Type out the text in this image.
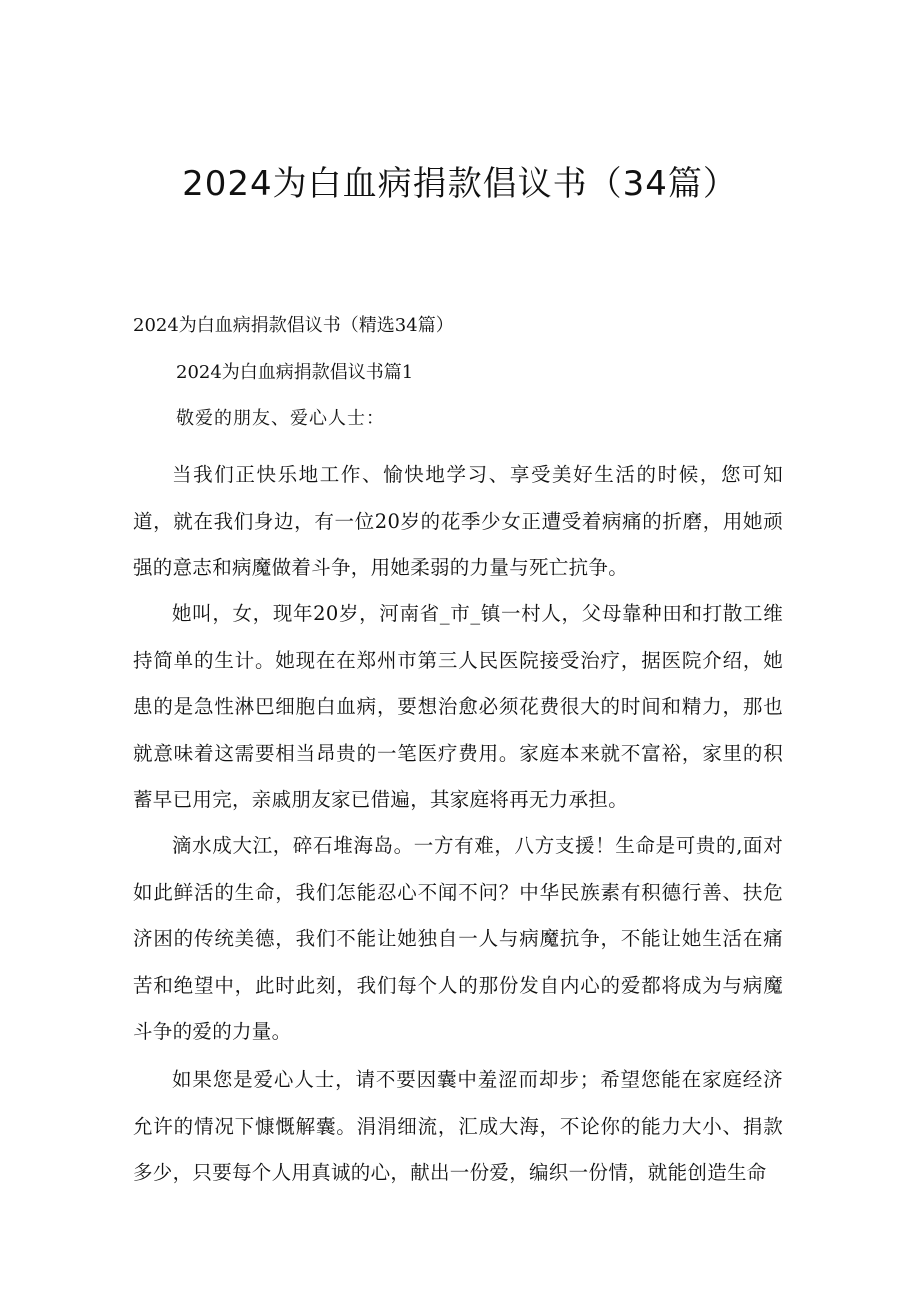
2024为白血病捐款倡议书（34篇）
2024为白血病捐款倡议书（精选34篇）
2024为白血病捐款倡议书篇1
敬爱的朋友、爱心人士：

当我们正快乐地工作、愉快地学习、享受美好生活的时候，您可知道，就在我们身边，有一位20岁的花季少女正遭受着病痛的折磨，用她顽强的意志和病魔做着斗争，用她柔弱的力量与死亡抗争。

她叫，女，现年20岁，河南省_市_镇一村人，父母靠种田和打散工维持简单的生计。她现在在郑州市第三人民医院接受治疗，据医院介绍，她患的是急性淋巴细胞白血病，要想治愈必须花费很大的时间和精力，那也就意味着这需要相当昂贵的一笔医疗费用。家庭本来就不富裕，家里的积蓄早已用完，亲戚朋友家已借遍，其家庭将再无力承担。

滴水成大江，碎石堆海岛。一方有难，八方支援！生命是可贵的,面对如此鲜活的生命，我们怎能忍心不闻不问？中华民族素有积德行善、扶危济困的传统美德，我们不能让她独自一人与病魔抗争，不能让她生活在痛苦和绝望中，此时此刻，我们每个人的那份发自内心的爱都将成为与病魔斗争的爱的力量。

如果您是爱心人士，请不要因囊中羞涩而却步；希望您能在家庭经济允许的情况下慷慨解囊。涓涓细流，汇成大海，不论你的能力大小、捐款多少，只要每个人用真诚的心，献出一份爱，编织一份情，就能创造生命
